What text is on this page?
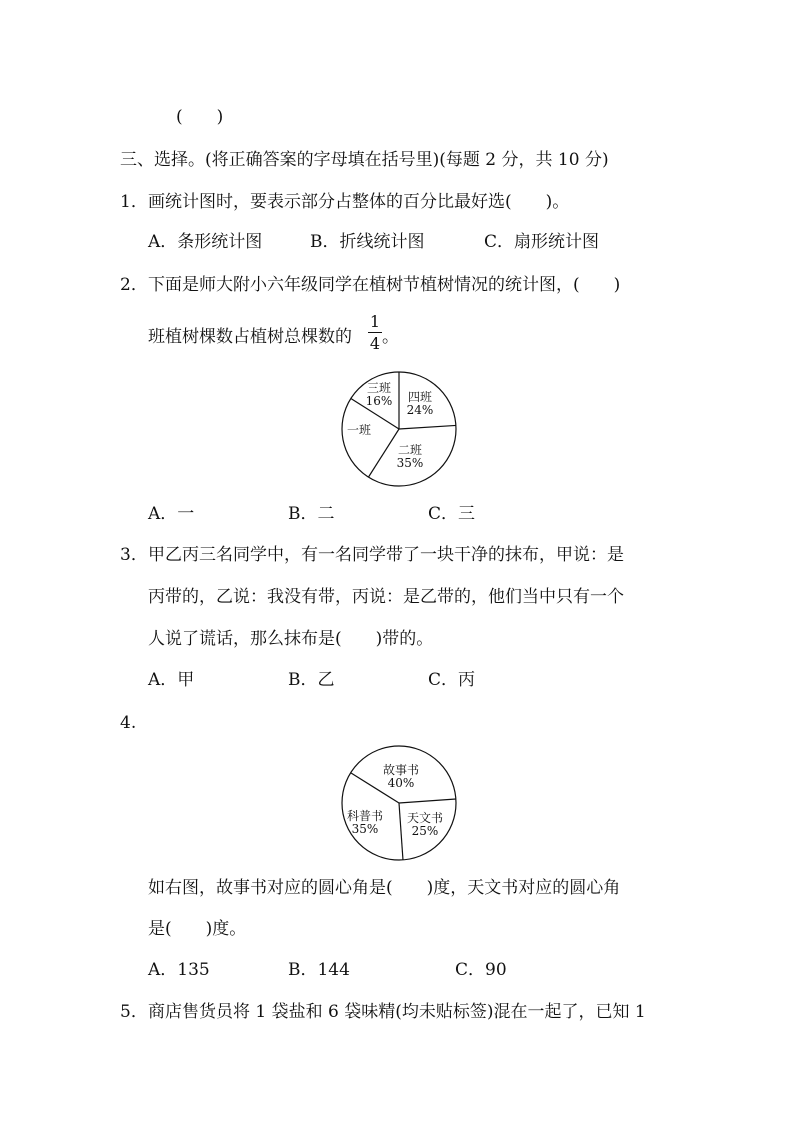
(　　)
三、选择。(将正确答案的字母填在括号里)(每题 2 分，共 10 分)
1． 画统计图时，要表示部分占整体的百分比最好选(　　)。
A．条形统计图	B．折线统计图	C．扇形统计图
2． 下面是师大附小六年级同学在植树节植树情况的统计图，(　　)
班植树棵数占植树总棵数的
1
4 。
四班
24%
二班
35%
一班
三班
16%
A．一	B．二	C．三
3． 甲乙丙三名同学中，有一名同学带了一块干净的抹布，甲说：是
丙带的，乙说：我没有带，丙说：是乙带的，他们当中只有一个
人说了谎话，那么抹布是(　　)带的。
A．甲	B．乙	C．丙
4.
故事书
40%
天文书
25%
科普书
35%
如右图，故事书对应的圆心角是(　　)度，天文书对应的圆心角
是(　　)度。
A．135	B．144	C．90
5． 商店售货员将 1 袋盐和 6 袋味精(均未贴标签)混在一起了，已知 1
